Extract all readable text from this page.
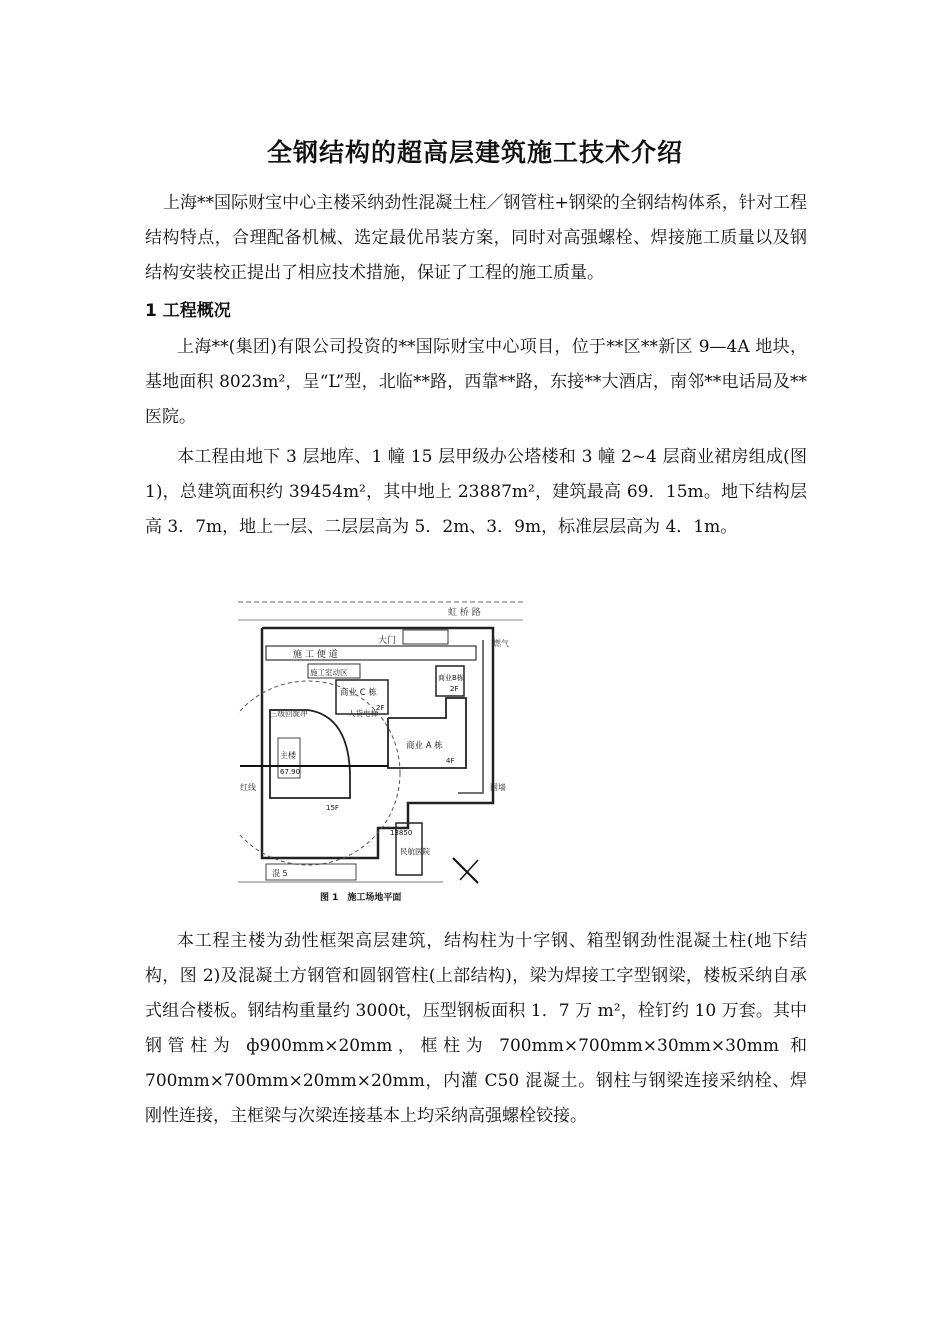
全钢结构的超高层建筑施工技术介绍

上海**国际财宝中心主楼采纳劲性混凝土柱／钢管柱+钢梁的全钢结构体系，针对工程结构特点，合理配备机械、选定最优吊装方案，同时对高强螺栓、焊接施工质量以及钢结构安装校正提出了相应技术措施，保证了工程的施工质量。

1 工程概况

上海**(集团)有限公司投资的**国际财宝中心项目，位于**区**新区 9—4A 地块，基地面积 8023m²，呈“L”型，北临**路，西靠**路，东接**大酒店，南邻**电话局及**医院。

本工程由地下 3 层地库、1 幢 15 层甲级办公塔楼和 3 幢 2~4 层商业裙房组成(图 1)，总建筑面积约 39454m²，其中地上 23887m²，建筑最高 69．15m。地下结构层高 3．7m，地上一层、二层层高为 5．2m、3．9m，标准层层高为 4．1m。

虹 桥 路
大门	燃气
施 工 便 道
施工室动区
商业 C 栋
2F
商业B栋
2F
商业 A 栋
4F
三级回旋冲	人货电梯
主楼
67.90
15F
红线	围墙
13850
民航医院
混 5
图 1　施工场地平面

本工程主楼为劲性框架高层建筑，结构柱为十字钢、箱型钢劲性混凝土柱(地下结构，图 2)及混凝土方钢管和圆钢管柱(上部结构)，梁为焊接工字型钢梁，楼板采纳自承式组合楼板。钢结构重量约 3000t，压型钢板面积 1．7 万 m²，栓钉约 10 万套。其中钢管柱为 ф900mm×20mm，框柱为 700mm×700mm×30mm×30mm 和 700mm×700mm×20mm×20mm，内灌 C50 混凝土。钢柱与钢梁连接采纳栓、焊刚性连接，主框梁与次梁连接基本上均采纳高强螺栓铰接。
